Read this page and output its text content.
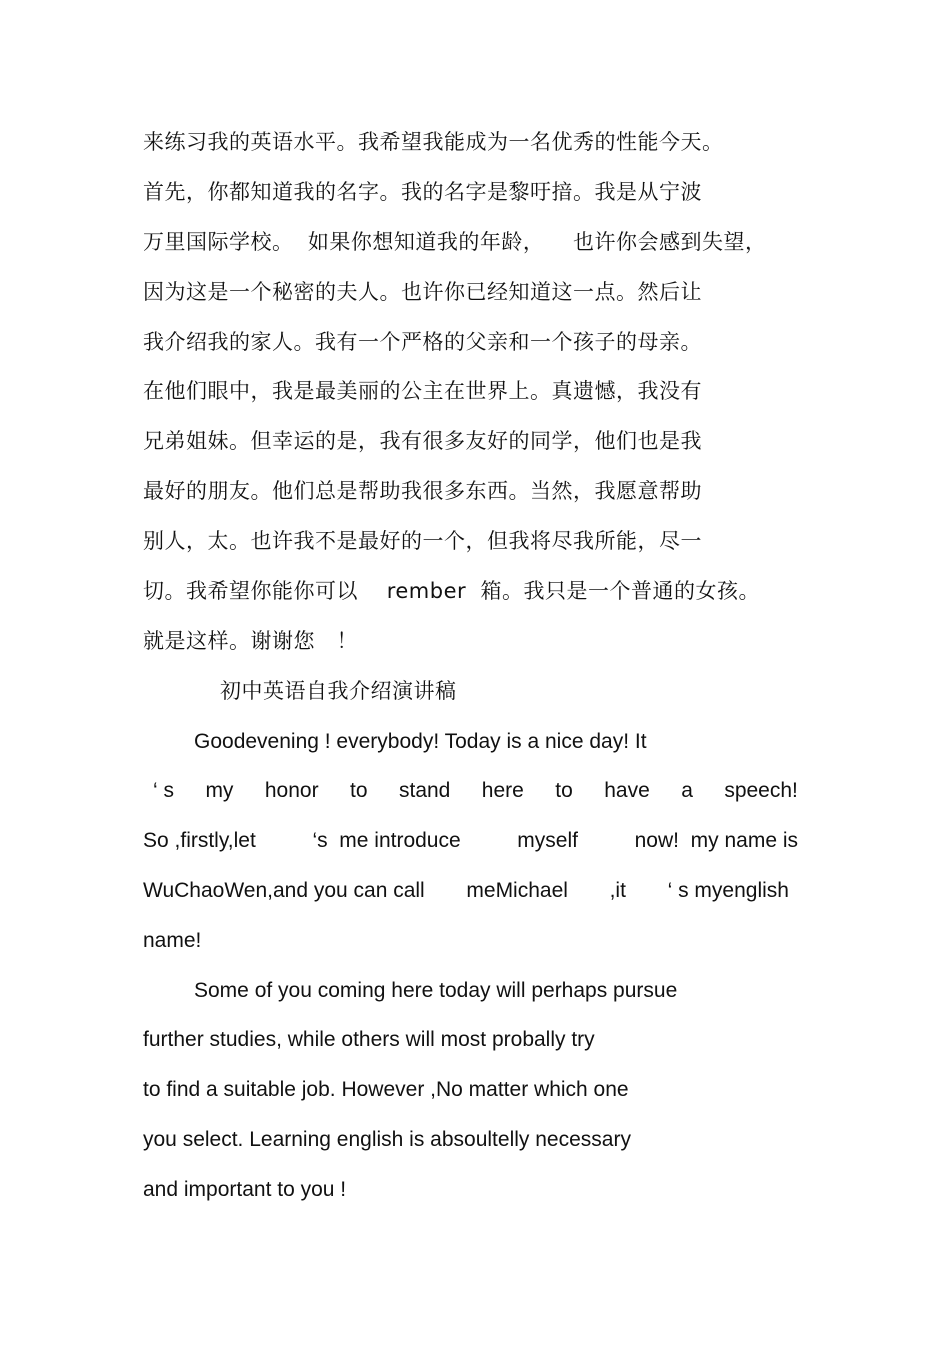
来练习我的英语水平。我希望我能成为一名优秀的性能今天。
首先，你都知道我的名字。我的名字是黎吁揞。我是从宁波
万里国际学校。  如果你想知道我的年龄，    也许你会感到失望，
因为这是一个秘密的夫人。也许你已经知道这一点。然后让
我介绍我的家人。我有一个严格的父亲和一个孩子的母亲。
在他们眼中，我是最美丽的公主在世界上。真遗憾，我没有
兄弟姐妹。但幸运的是，我有很多友好的同学，他们也是我
最好的朋友。他们总是帮助我很多东西。当然，我愿意帮助
别人，太。也许我不是最好的一个，但我将尽我所能，尽一
切。我希望你能你可以    rember  箱。我只是一个普通的女孩。
就是这样。谢谢您   ！
初中英语自我介绍演讲稿
Goodevening ! everybody! Today is a nice day! It
‘ s my honor to stand here to have a speech!
So ,firstly,let	‘s  me introduce	myself	now!  my name is
WuChaoWen,and you can call meMichael ,it ‘ s myenglish
name!
Some of you coming here today will perhaps pursue
further studies, while others will most probally try
to find a suitable job. However ,No matter which one
you select. Learning english is absoultelly necessary
and important to you !
